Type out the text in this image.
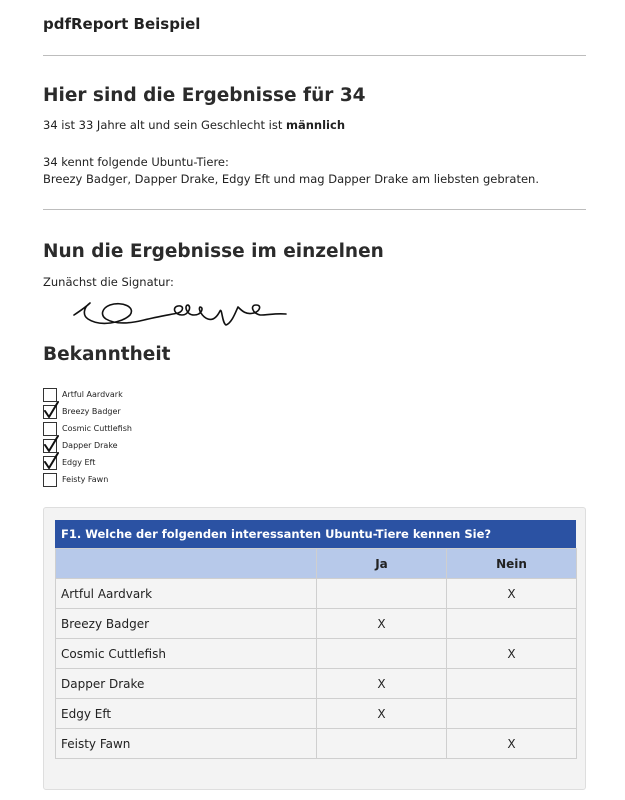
pdfReport Beispiel
Hier sind die Ergebnisse für 34
34 ist 33 Jahre alt und sein Geschlecht ist männlich
34 kennt folgende Ubuntu-Tiere:
Breezy Badger, Dapper Drake, Edgy Eft und mag Dapper Drake am liebsten gebraten.
Nun die Ergebnisse im einzelnen
Zunächst die Signatur:
Bekanntheit
Artful Aardvark
Breezy Badger
Cosmic Cuttlefish
Dapper Drake
Edgy Eft
Feisty Fawn
F1. Welche der folgenden interessanten Ubuntu-Tiere kennen Sie?
	Ja	Nein
Artful Aardvark		X
Breezy Badger	X	
Cosmic Cuttlefish		X
Dapper Drake	X	
Edgy Eft	X	
Feisty Fawn		X
